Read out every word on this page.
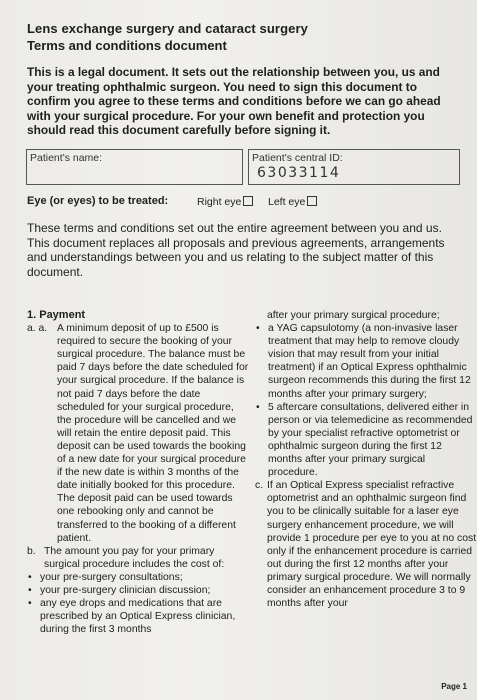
Lens exchange surgery and cataract surgery
Terms and conditions document
This is a legal document. It sets out the relationship between you, us and your treating ophthalmic surgeon. You need to sign this document to confirm you agree to these terms and conditions before we can go ahead with your surgical procedure. For your own benefit and protection you should read this document carefully before signing it.
Patient's name:	Patient's central ID:
63033114
Eye (or eyes) to be treated:	Right eye	Left eye
These terms and conditions set out the entire agreement between you and us. This document replaces all proposals and previous agreements, arrangements and understandings between you and us relating to the subject matter of this document.
1. Payment
a. a. A minimum deposit of up to £500 is required to secure the booking of your surgical procedure. The balance must be paid 7 days before the date scheduled for your surgical procedure. If the balance is not paid 7 days before the date scheduled for your surgical procedure, the procedure will be cancelled and we will retain the entire deposit paid. This deposit can be used towards the booking of a new date for your surgical procedure if the new date is within 3 months of the date initially booked for this procedure. The deposit paid can be used towards one rebooking only and cannot be transferred to the booking of a different patient.
b. The amount you pay for your primary surgical procedure includes the cost of:
• your pre-surgery consultations;
• your pre-surgery clinician discussion;
• any eye drops and medications that are prescribed by an Optical Express clinician, during the first 3 months
after your primary surgical procedure;
• a YAG capsulotomy (a non-invasive laser treatment that may help to remove cloudy vision that may result from your initial treatment) if an Optical Express ophthalmic surgeon recommends this during the first 12 months after your primary surgery;
• 5 aftercare consultations, delivered either in person or via telemedicine as recommended by your specialist refractive optometrist or ophthalmic surgeon during the first 12 months after your primary surgical procedure.
c. If an Optical Express specialist refractive optometrist and an ophthalmic surgeon find you to be clinically suitable for a laser eye surgery enhancement procedure, we will provide 1 procedure per eye to you at no cost only if the enhancement procedure is carried out during the first 12 months after your primary surgical procedure. We will normally consider an enhancement procedure 3 to 9 months after your
Page 1
